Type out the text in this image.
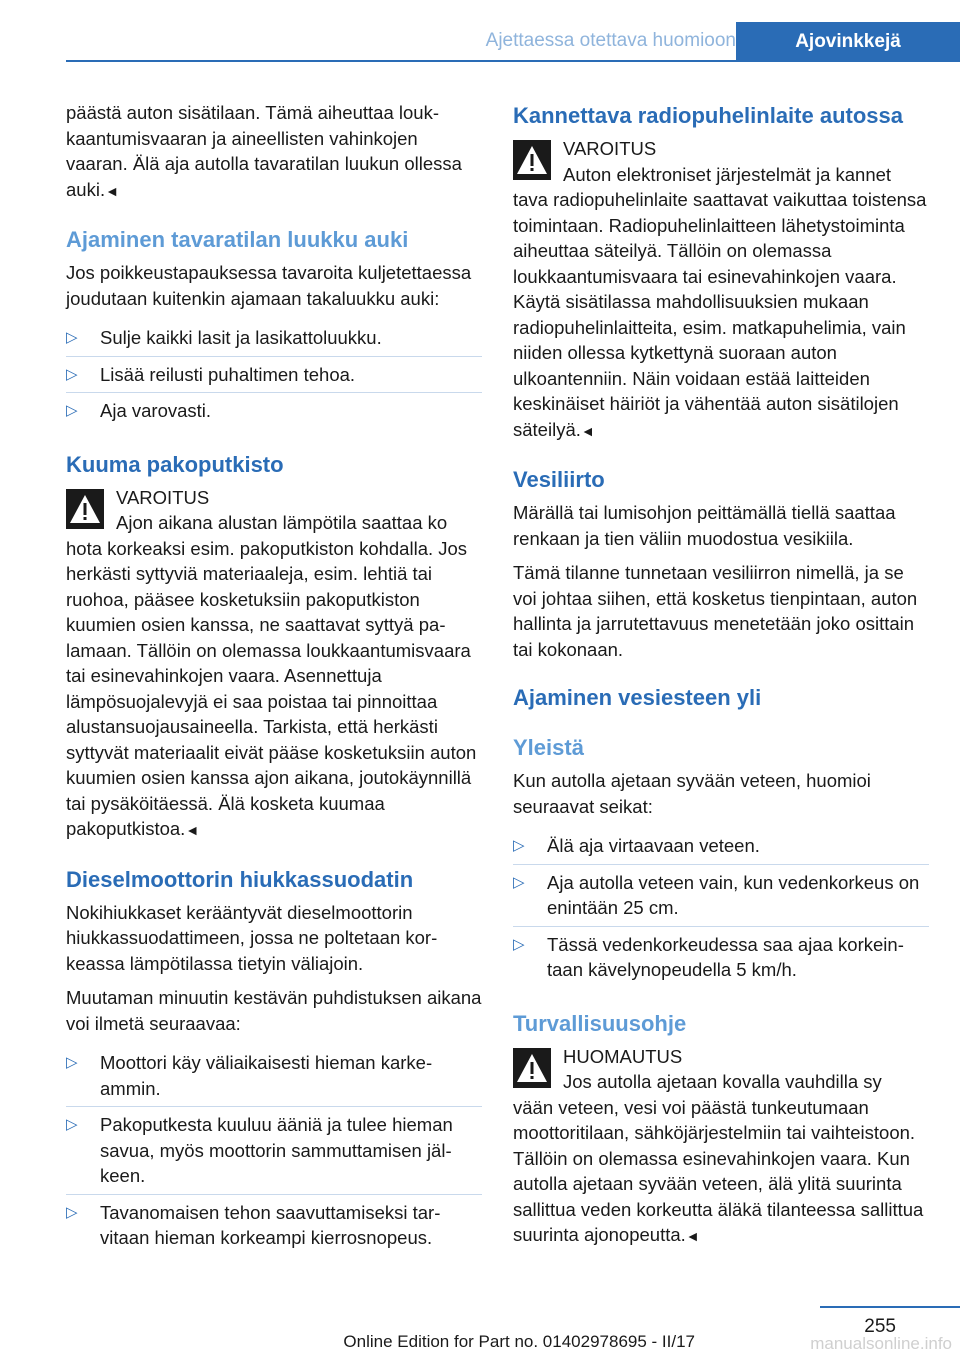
Ajettaessa otettava huomioon	Ajovinkkejä

päästä auton sisätilaan. Tämä aiheuttaa loukkaantumisvaaran ja aineellisten vahinkojen vaaran. Älä aja autolla tavaratilan luukun ollessa auki.◄

Ajaminen tavaratilan luukku auki

Jos poikkeustapauksessa tavaroita kuljetettaessa joudutaan kuitenkin ajamaan takaluukku auki:

▷ Sulje kaikki lasit ja lasikattoluukku.
▷ Lisää reilusti puhaltimen tehoa.
▷ Aja varovasti.
Kuuma pakoputkisto
VAROITUS
Ajon aikana alustan lämpötila saattaa ko
hota korkeaksi esim. pakoputkiston kohdalla. Jos herkästi syttyviä materiaaleja, esim. lehtiä tai ruohoa, pääsee kosketuksiin pakoputkiston kuumien osien kanssa, ne saattavat syttyä palamaan. Tällöin on olemassa loukkaantumisvaara tai esinevahinkojen vaara. Asennettuja lämpösuojalevyjä ei saa poistaa tai pinnoittaa alustansuojausaineella. Tarkista, että herkästi syttyvät materiaalit eivät pääse kosketuksiin auton kuumien osien kanssa ajon aikana, joutokäynnillä tai pysäköitäessä. Älä kosketa kuumaa pakoputkistoa.◄
Dieselmoottorin hiukkassuodatin

Nokihiukkaset kerääntyvät dieselmoottorin hiukkassuodattimeen, jossa ne poltetaan korkeassa lämpötilassa tietyin väliajoin.

Muutaman minuutin kestävän puhdistuksen aikana voi ilmetä seuraavaa:

▷ Moottori käy väliaikaisesti hieman karkeammin.
▷ Pakoputkesta kuuluu ääniä ja tulee hieman savua, myös moottorin sammuttamisen jälkeen.
▷ Tavanomaisen tehon saavuttamiseksi tarvitaan hieman korkeampi kierrosnopeus.
Kannettava radiopuhelinlaite autossa
VAROITUS
Auton elektroniset järjestelmät ja kannet
tava radiopuhelinlaite saattavat vaikuttaa toistensa toimintaan. Radiopuhelinlaitteen lähetystoiminta aiheuttaa säteilyä. Tällöin on olemassa loukkaantumisvaara tai esinevahinkojen vaara. Käytä sisätilassa mahdollisuuksien mukaan radiopuhelinlaitteita, esim. matkapuhelimia, vain niiden ollessa kytkettynä suoraan auton ulkoantenniin. Näin voidaan estää laitteiden keskinäiset häiriöt ja vähentää auton sisätilojen säteilyä.◄
Vesiliirto

Märällä tai lumisohjon peittämällä tiellä saattaa renkaan ja tien väliin muodostua vesikiila.

Tämä tilanne tunnetaan vesiliirron nimellä, ja se voi johtaa siihen, että kosketus tienpintaan, auton hallinta ja jarrutettavuus menetetään joko osittain tai kokonaan.

Ajaminen vesiesteen yli
Yleistä

Kun autolla ajetaan syvään veteen, huomioi seuraavat seikat:

▷ Älä aja virtaavaan veteen.
▷ Aja autolla veteen vain, kun vedenkorkeus on enintään 25 cm.
▷ Tässä vedenkorkeudessa saa ajaa korkeintaan kävelynopeudella 5 km/h.
Turvallisuusohje
HUOMAUTUS
Jos autolla ajetaan kovalla vauhdilla sy
vään veteen, vesi voi päästä tunkeutumaan moottoritilaan, sähköjärjestelmiin tai vaihteistoon. Tällöin on olemassa esinevahinkojen vaara. Kun autolla ajetaan syvään veteen, älä ylitä suurinta sallittua veden korkeutta äläkä tilanteessa sallittua suurinta ajonopeutta.◄
255
Online Edition for Part no. 01402978695 - II/17	manualsonline.info
